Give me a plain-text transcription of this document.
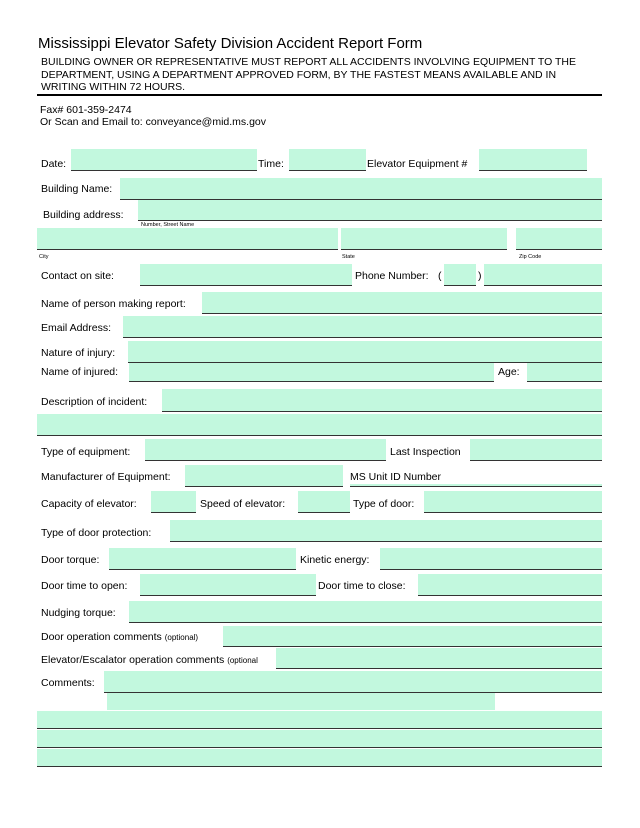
Mississippi Elevator Safety Division Accident Report Form
BUILDING OWNER OR REPRESENTATIVE MUST REPORT ALL ACCIDENTS INVOLVING EQUIPMENT TO THE DEPARTMENT, USING A DEPARTMENT APPROVED FORM, BY THE FASTEST MEANS AVAILABLE AND IN WRITING WITHIN 72 HOURS.
Fax# 601-359-2474
Or Scan and Email to: conveyance@mid.ms.gov
Date:	Time:	Elevator Equipment #
Building Name:
Building address:
Number, Street Name
City	State	Zip Code
Contact on site:	Phone Number: (	)
Name of person making report:
Email Address:
Nature of injury:
Name of injured:	Age:
Description of incident:
Type of equipment:	Last Inspection
Manufacturer of Equipment:	MS Unit ID Number
Capacity of elevator:	Speed of elevator:	Type of door:
Type of door protection:
Door torque:	Kinetic energy:
Door time to open:	Door time to close:
Nudging torque:
Door operation comments (optional)
Elevator/Escalator operation comments (optional
Comments:
